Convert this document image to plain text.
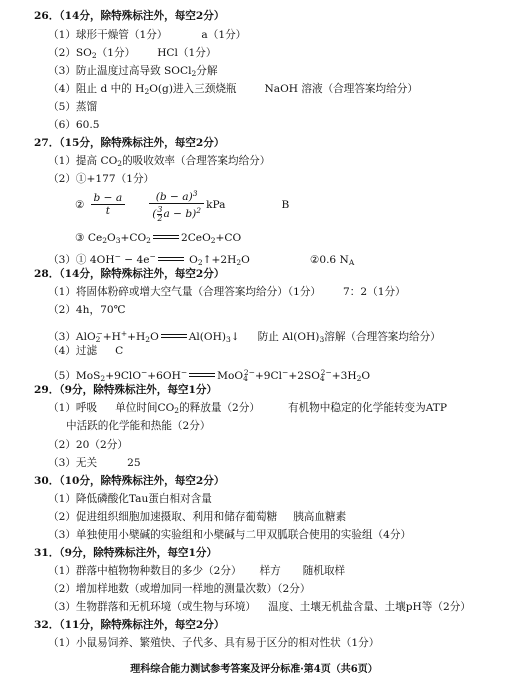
26．（14分，除特殊标注外，每空2分）
（1）球形干燥管（1分）	a（1分）
$(2)SO_2(1$分） HCl（1分）
（3）防止温度过高导致 SOCl$_2$分解
（4）阻止 d 中的 $H_2O(g)$进入三颈烧瓶	NaOH 溶液（合理答案均给分）
（5）蒸馏
（6）60.5
27．（15分，除特殊标注外，每空2分）
（1）提高 $CO_2$的吸收效率（合理答案均给分）
（2）①+177（1分）
② $\frac{b - a}{t} \frac{(b - a)^3}{( \frac{3}{2} a - b)^2}$ kPa	B
③ $Ce_2O_3+CO_2$	2CeO$_2$+CO
（3）① 4OH− − 4e−	$O_2↑+2H_2O$	②0.6 $N_A$
28．（14分，除特殊标注外，每空2分）
（1）将固体粉碎或增大空气量（合理答案均给分）（1分） 7：2（1分）
（2）4h，70℃
$(3)AlO_2^-+H^++H_2O$	$Al(OH)_3↓$ 防止 $Al(OH)_3$溶解（合理答案均给分）
（4）过滤 C
（5）MoS$_2$+9ClO−+6OH−	$MoO_4^{2-}+9Cl^-+2SO_4^{2-}+3H_2O$
29．（9分，除特殊标注外，每空1分）
（1）呼吸 单位时间$CO_2$的释放量（2分）	有机物中稳定的化学能转变为ATP
中活跃的化学能和热能（2分）
（2）20（2分）
（3）无关	25
30．（10分，除特殊标注外，每空2分）
（1）降低磷酸化Tau蛋白相对含量
（2）促进组织细胞加速摄取、利用和储存葡萄糖 胰高血糖素
（3）单独使用小檗碱的实验组和小檗碱与二甲双胍联合使用的实验组（4分）
31．（9分，除特殊标注外，每空1分）
（1）群落中植物物种数目的多少（2分） 样方 随机取样
（2）增加样地数（或增加同一样地的测量次数）（2分）
（3）生物群落和无机环境（或生物与环境） 温度、土壤无机盐含量、土壤pH等（2分）
32．（11分，除特殊标注外，每空2分）
（1）小鼠易饲养、繁殖快、子代多、具有易于区分的相对性状（1分）
理科综合能力测试参考答案及评分标准·第4页（共6页）
